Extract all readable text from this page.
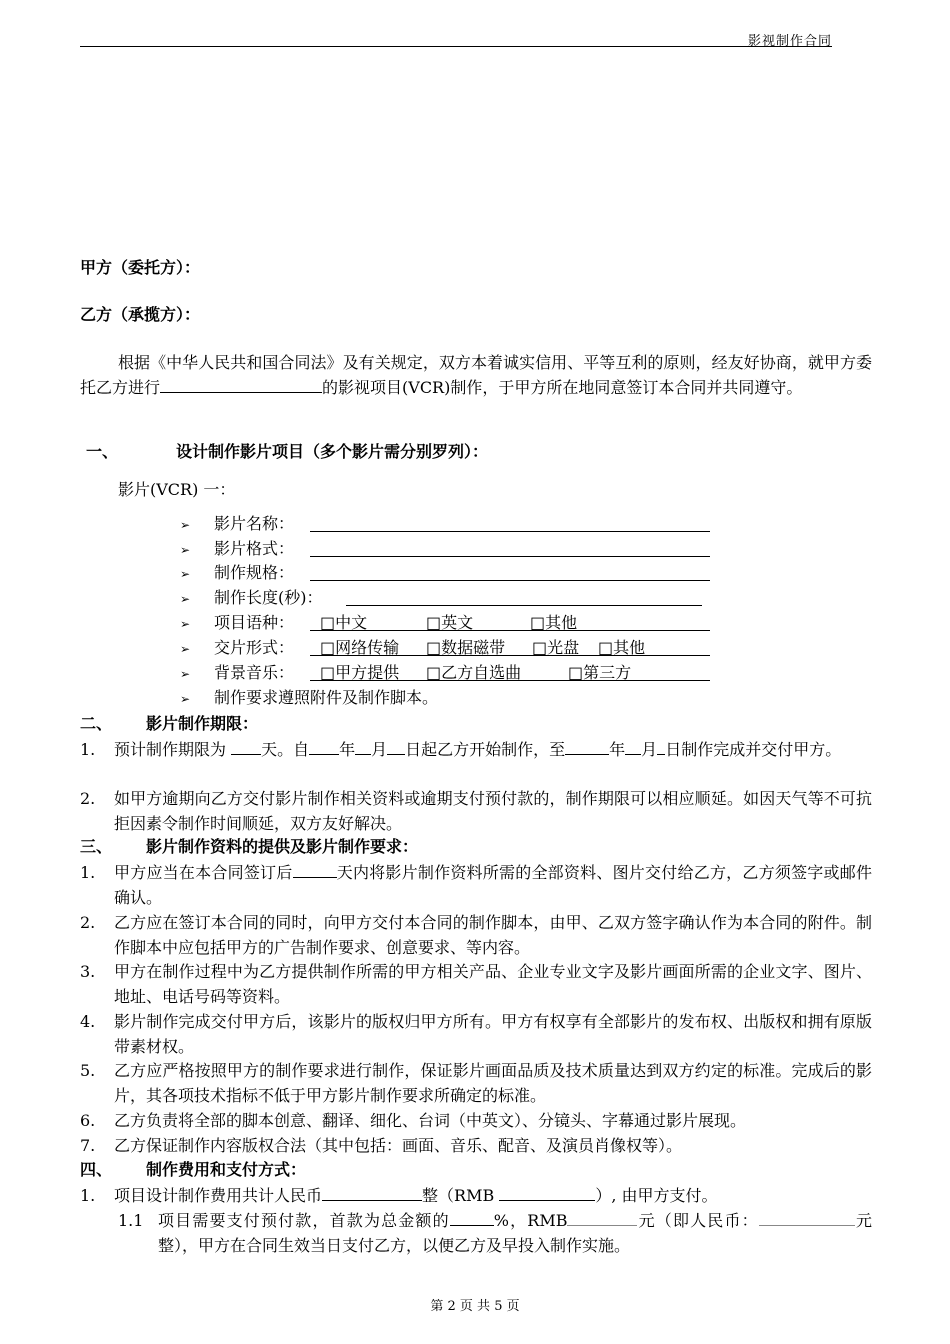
影视制作合同
甲方（委托方）：
乙方（承揽方）：
根据《中华人民共和国合同法》及有关规定，双方本着诚实信用、平等互利的原则，经友好协商，就甲方委托乙方进行	的影视项目(VCR)制作，于甲方所在地同意签订本合同并共同遵守。
一、	设计制作影片项目（多个影片需分别罗列）：
影片(VCR) 一：
➢ 影片名称：
➢ 影片格式：
➢ 制作规格：
➢ 制作长度(秒)：
➢ 项目语种： □中文	□英文	□其他
➢ 交片形式： □网络传输 □数据磁带 □光盘 □其他
➢ 背景音乐： □甲方提供 □乙方自选曲	□第三方
➢ 制作要求遵照附件及制作脚本。
二、 影片制作期限：
1. 预计制作期限为 天。自 年 月 日起乙方开始制作，至	年 月 日制作完成并交付甲方。
2. 如甲方逾期向乙方交付影片制作相关资料或逾期支付预付款的，制作期限可以相应顺延。如因天气等不可抗拒因素令制作时间顺延，双方友好解决。
三、 影片制作资料的提供及影片制作要求：
1. 甲方应当在本合同签订后	天内将影片制作资料所需的全部资料、图片交付给乙方，乙方须签字或邮件确认。
2. 乙方应在签订本合同的同时，向甲方交付本合同的制作脚本，由甲、乙双方签字确认作为本合同的附件。制作脚本中应包括甲方的广告制作要求、创意要求、等内容。
3. 甲方在制作过程中为乙方提供制作所需的甲方相关产品、企业专业文字及影片画面所需的企业文字、图片、地址、电话号码等资料。
4. 影片制作完成交付甲方后，该影片的版权归甲方所有。甲方有权享有全部影片的发布权、出版权和拥有原版带素材权。
5. 乙方应严格按照甲方的制作要求进行制作，保证影片画面品质及技术质量达到双方约定的标准。完成后的影片，其各项技术指标不低于甲方影片制作要求所确定的标准。
6. 乙方负责将全部的脚本创意、翻译、细化、台词（中英文）、分镜头、字幕通过影片展现。
7. 乙方保证制作内容版权合法（其中包括：画面、音乐、配音、及演员肖像权等）。
四、 制作费用和支付方式：
1. 项目设计制作费用共计人民币	整（RMB	）, 由甲方支付。
1.1 项目需要支付预付款，首款为总金额的	%，RMB	元（即人民币：	元整），甲方在合同生效当日支付乙方，以便乙方及早投入制作实施。
第 2 页 共 5 页
